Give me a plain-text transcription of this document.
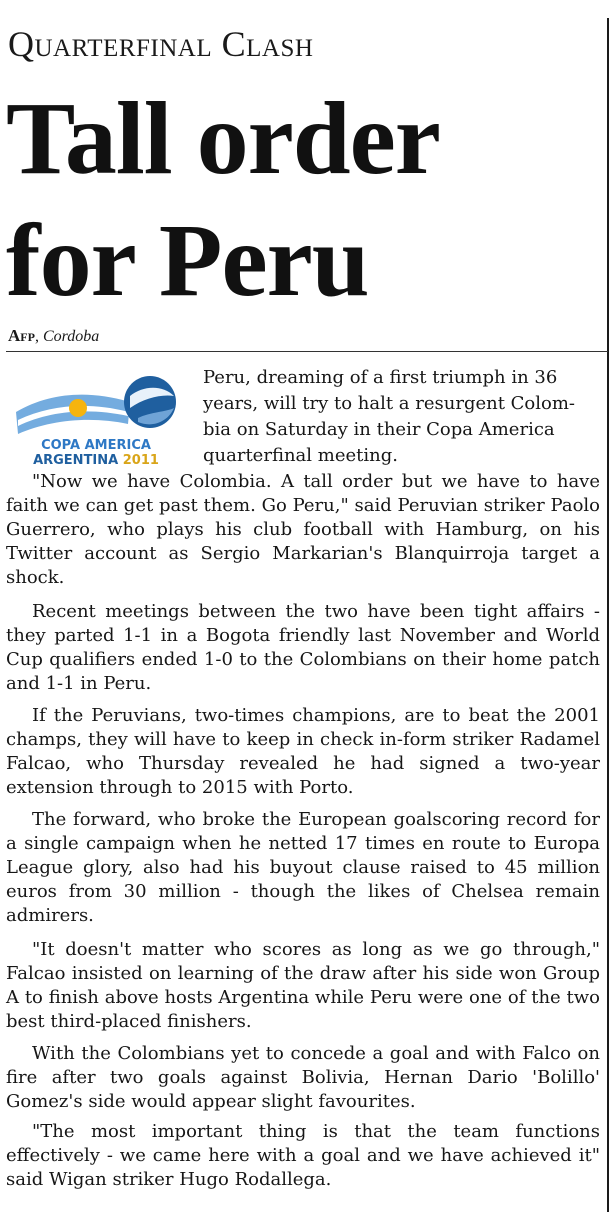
Quarterfinal Clash
Tall order
for Peru
Afp, Cordoba
COPA AMERICA
ARGENTINA 2011
Peru, dreaming of a first triumph in 36
years, will try to halt a resurgent Colom-
bia on Saturday in their Copa America
quarterfinal meeting.

"Now we have Colombia. A tall order but we have to have faith we can get past them. Go Peru," said Peruvian striker Paolo Guerrero, who plays his club football with Hamburg, on his Twitter account as Sergio Markarian's Blanquirroja target a shock.

Recent meetings between the two have been tight affairs - they parted 1-1 in a Bogota friendly last November and World Cup qualifiers ended 1-0 to the Colombians on their home patch and 1-1 in Peru.

If the Peruvians, two-times champions, are to beat the 2001 champs, they will have to keep in check in-form striker Radamel Falcao, who Thursday revealed he had signed a two-year extension through to 2015 with Porto.

The forward, who broke the European goalscoring record for a single campaign when he netted 17 times en route to Europa League glory, also had his buyout clause raised to 45 million euros from 30 million - though the likes of Chelsea remain admirers.

"It doesn't matter who scores as long as we go through," Falcao insisted on learning of the draw after his side won Group A to finish above hosts Argentina while Peru were one of the two best third-placed finishers.

With the Colombians yet to concede a goal and with Falco on fire after two goals against Bolivia, Hernan Dario 'Bolillo' Gomez's side would appear slight favourites.

"The most important thing is that the team functions effectively - we came here with a goal and we have achieved it" said Wigan striker Hugo Rodallega.
